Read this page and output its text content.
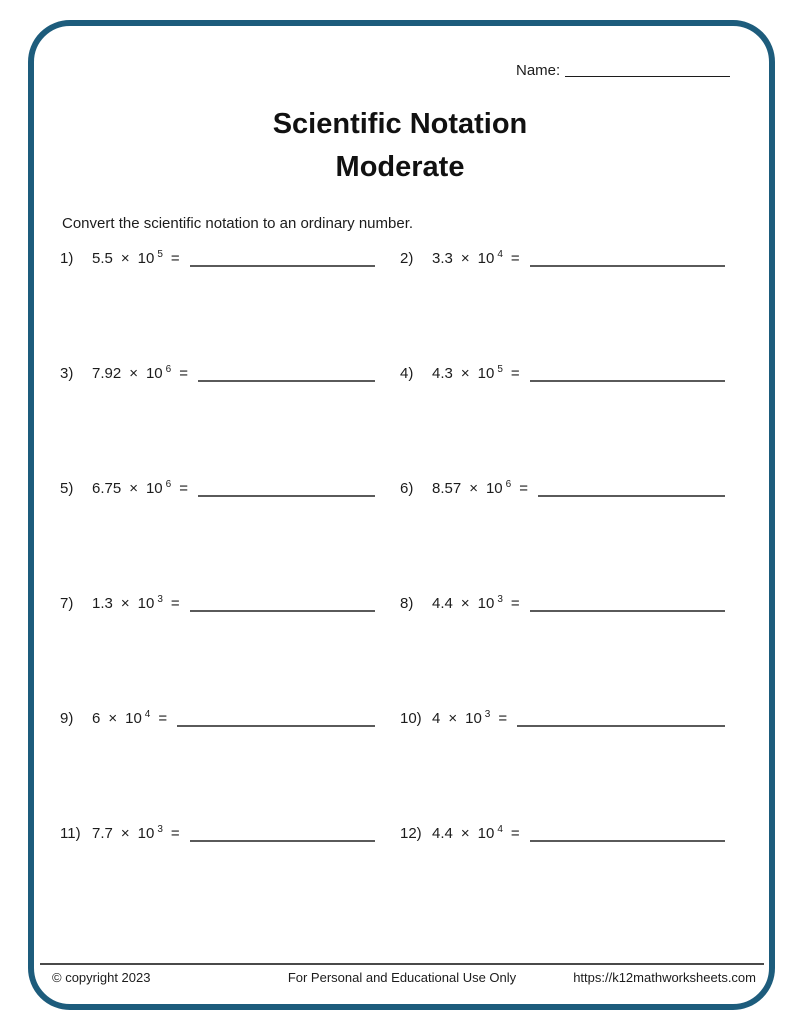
Name:
Scientific Notation
Moderate
Convert the scientific notation to an ordinary number.
1)	5.5 × 10 5 =	2)	3.3 × 10 4 =
3)	7.92 × 10 6 =	4)	4.3 × 10 5 =
5)	6.75 × 10 6 =	6)	8.57 × 10 6 =
7)	1.3 × 10 3 =	8)	4.4 × 10 3 =
9)	6 × 10 4 =	10) 4 × 10 3 =
11) 7.7 × 10 3 =	12) 4.4 × 10 4 =
© copyright 2023	For Personal and Educational Use Only	https://k12mathworksheets.com
